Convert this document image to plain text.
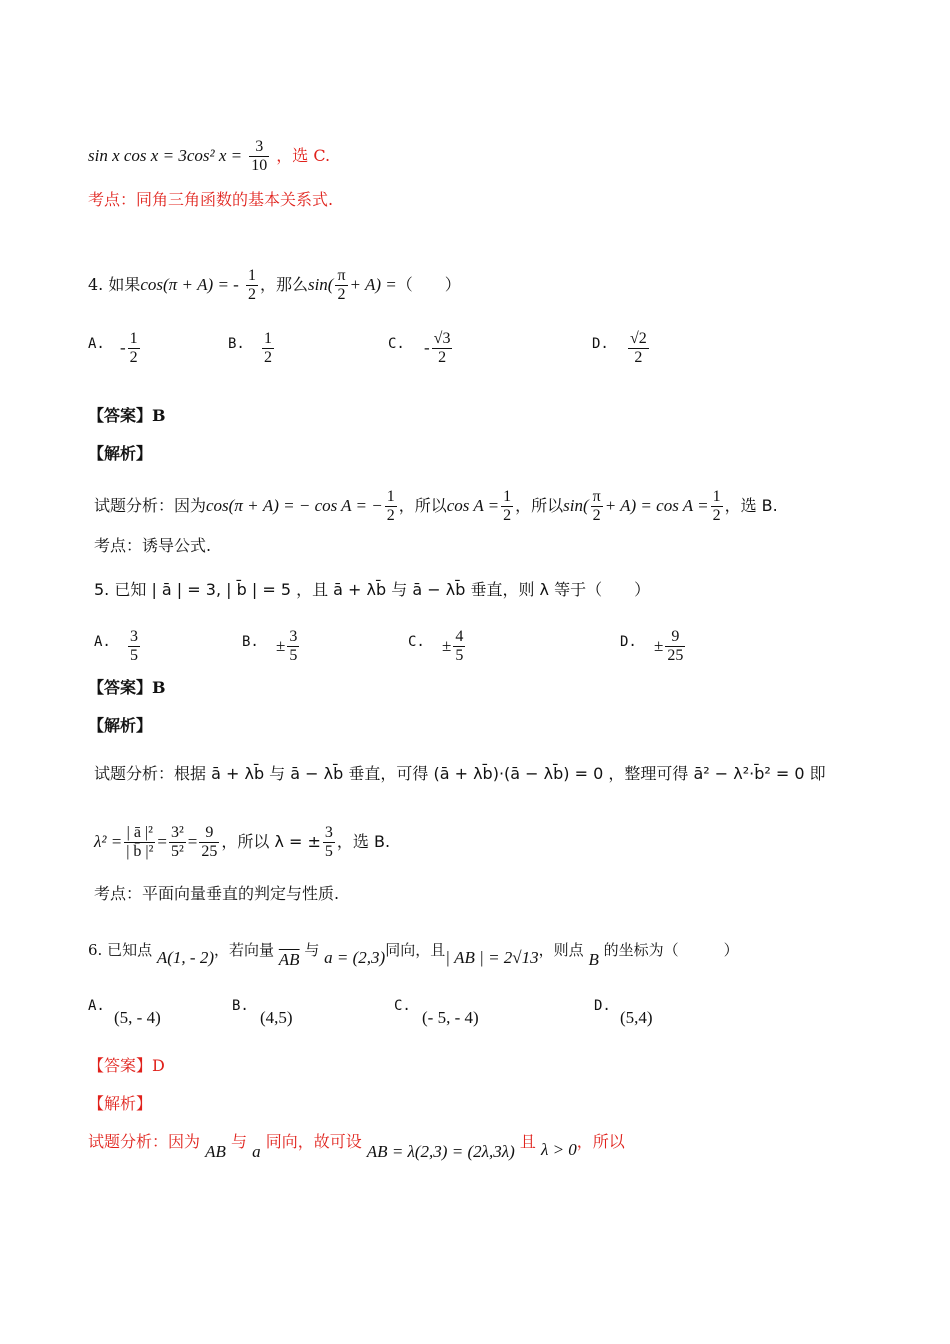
sin x cos x = 3cos² $x = \frac{3}{10}$ ，选 C.
考点：同角三角函数的基本关系式.
4. 如果cos(π + A) = - $\frac{1}{2}$ ，那么$\sin( \frac{\pi}{2} + A)$ =（　　）
A. - $\frac{1}{2}$	B. $\frac{1}{2}$	C. - $\frac{√3}{2}$	D. $\frac{√2}{2}$
【答案】B
【解析】
试题分析：因为cos(π + A) = − cos A = − $\frac{1}{2}$ ，所以$\cos A = \frac{1}{2}$ ，所以$\sin( \frac{\pi}{2} + A) = \cos A = \frac{1}{2}$ ，选 B.
考点：诱导公式.
5. 已知 | ā | = 3, | b̄ | = 5 ，且 ā + λb̄ 与 ā − λb̄ 垂直，则 λ 等于（　　）
A. $\frac{3}{5}$	B. ± $\frac{3}{5}$	C. ± $\frac{4}{5}$	D. ± $\frac{9}{25}$
【答案】B
【解析】
试题分析：根据 ā + λb̄ 与 ā − λb̄ 垂直，可得 (ā + λb̄)·(ā − λb̄) = 0 ，整理可得 ā² − λ²·b̄² = 0 即
$\lambda^2 = \frac{\text{| ā |²}}{\text{| b̄ |²}} = \frac{\text{3²}}{\text{5²}} = \frac{9}{25}$ ，所以 λ = ± $\frac{3}{5}$ ，选 B.
考点：平面向量垂直的判定与性质.
6. 已知点 A(1, - 2)，若向量 $\overline{AB}$ 与 a = (2,3)同向，且| AB | = 2√13，则点 B 的坐标为（　　　）
A.
(5, - 4)
B.
(4,5)
C.
(- 5, - 4)
D.
(5,4)
【答案】D
【解析】
试题分析：因为 AB 与 a 同向，故可设 AB = λ(2,3) = (2λ,3λ) 且 λ > 0，所以
